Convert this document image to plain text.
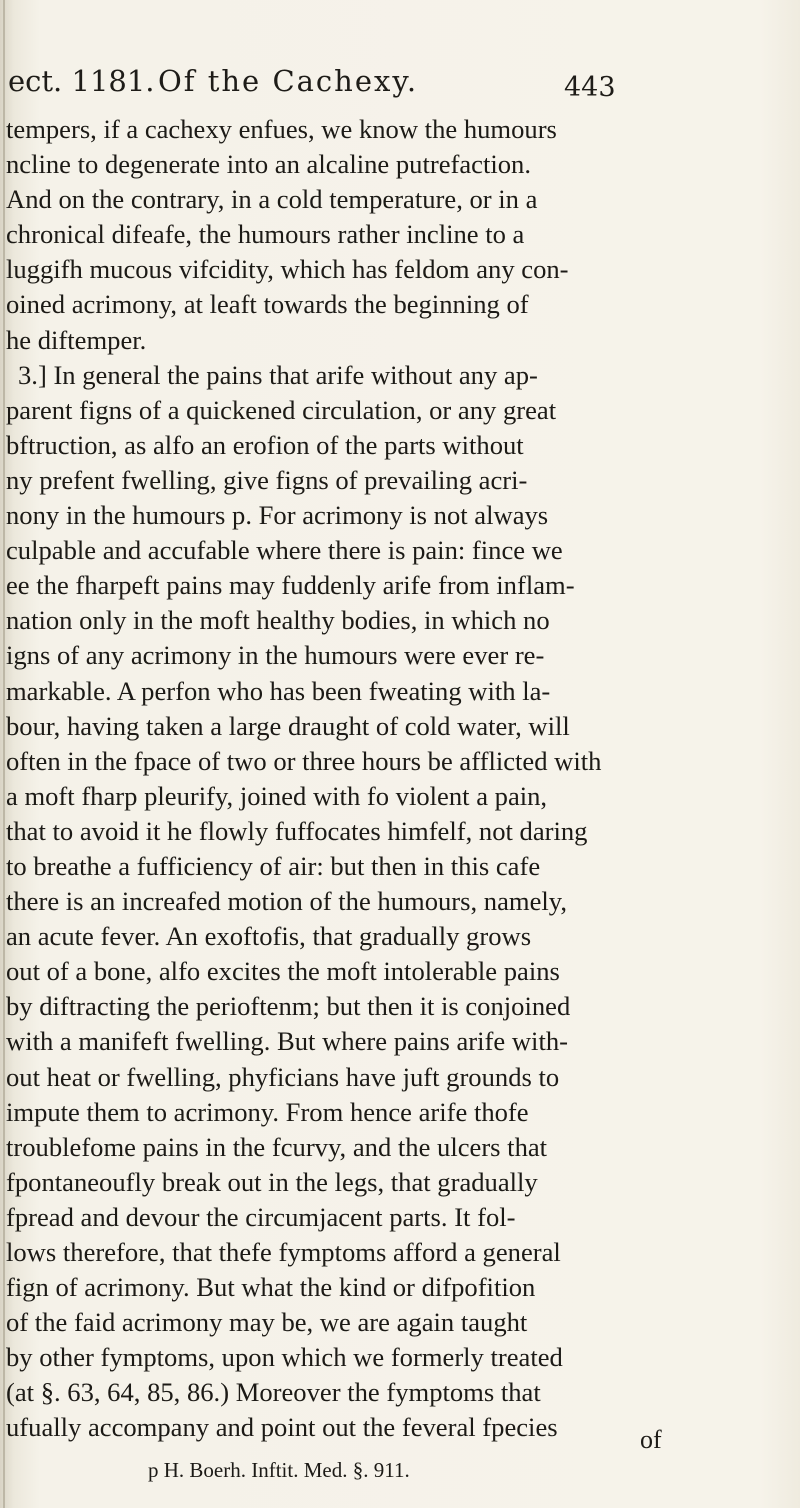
ect. 1181. Of the Cachexy.	443
tempers, if a cachexy enfues, we know the humours
ncline to degenerate into an alcaline putrefaction.
And on the contrary, in a cold temperature, or in a
chronical difeafe, the humours rather incline to a
luggifh mucous vifcidity, which has feldom any con-
oined acrimony, at leaft towards the beginning of
he diftemper.
3.] In general the pains that arife without any ap-
parent figns of a quickened circulation, or any great
bftruction, as alfo an erofion of the parts without
ny prefent fwelling, give figns of prevailing acri-
nony in the humours p. For acrimony is not always
culpable and accufable where there is pain: fince we
ee the fharpeft pains may fuddenly arife from inflam-
nation only in the moft healthy bodies, in which no
igns of any acrimony in the humours were ever re-
markable. A perfon who has been fweating with la-
bour, having taken a large draught of cold water, will
often in the fpace of two or three hours be afflicted with
a moft fharp pleurify, joined with fo violent a pain,
that to avoid it he flowly fuffocates himfelf, not daring
to breathe a fufficiency of air: but then in this cafe
there is an increafed motion of the humours, namely,
an acute fever. An exoftofis, that gradually grows
out of a bone, alfo excites the moft intolerable pains
by diftracting the perioftenm; but then it is conjoined
with a manifeft fwelling. But where pains arife with-
out heat or fwelling, phyficians have juft grounds to
impute them to acrimony. From hence arife thofe
troublefome pains in the fcurvy, and the ulcers that
fpontaneoufly break out in the legs, that gradually
fpread and devour the circumjacent parts. It fol-
lows therefore, that thefe fymptoms afford a general
fign of acrimony. But what the kind or difpofition
of the faid acrimony may be, we are again taught
by other fymptoms, upon which we formerly treated
(at §. 63, 64, 85, 86.) Moreover the fymptoms that
ufually accompany and point out the feveral fpecies	of
p H. Boerh. Inftit. Med. §. 911.
